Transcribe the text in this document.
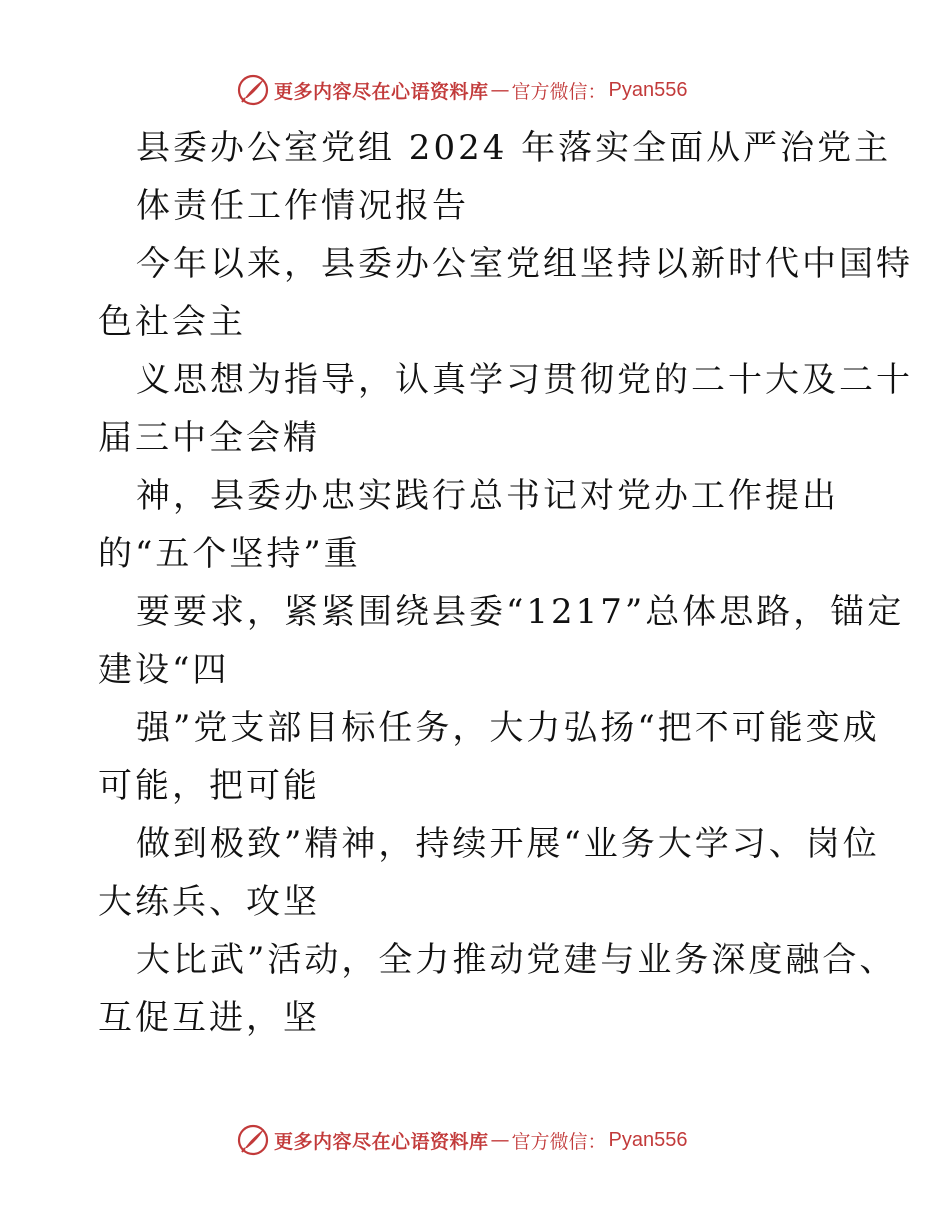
更多内容尽在心语资料库 — 官方微信： Pyan556
县委办公室党组 2024 年落实全面从严治党主
体责任工作情况报告
今年以来，县委办公室党组坚持以新时代中国特
色社会主
义思想为指导，认真学习贯彻党的二十大及二十
届三中全会精
神，县委办忠实践行总书记对党办工作提出
的“五个坚持”重
要要求，紧紧围绕县委“1217”总体思路，锚定
建设“四
强”党支部目标任务，大力弘扬“把不可能变成
可能，把可能
做到极致”精神，持续开展“业务大学习、岗位
大练兵、攻坚
大比武”活动，全力推动党建与业务深度融合、
互促互进，坚
更多内容尽在心语资料库 — 官方微信： Pyan556
